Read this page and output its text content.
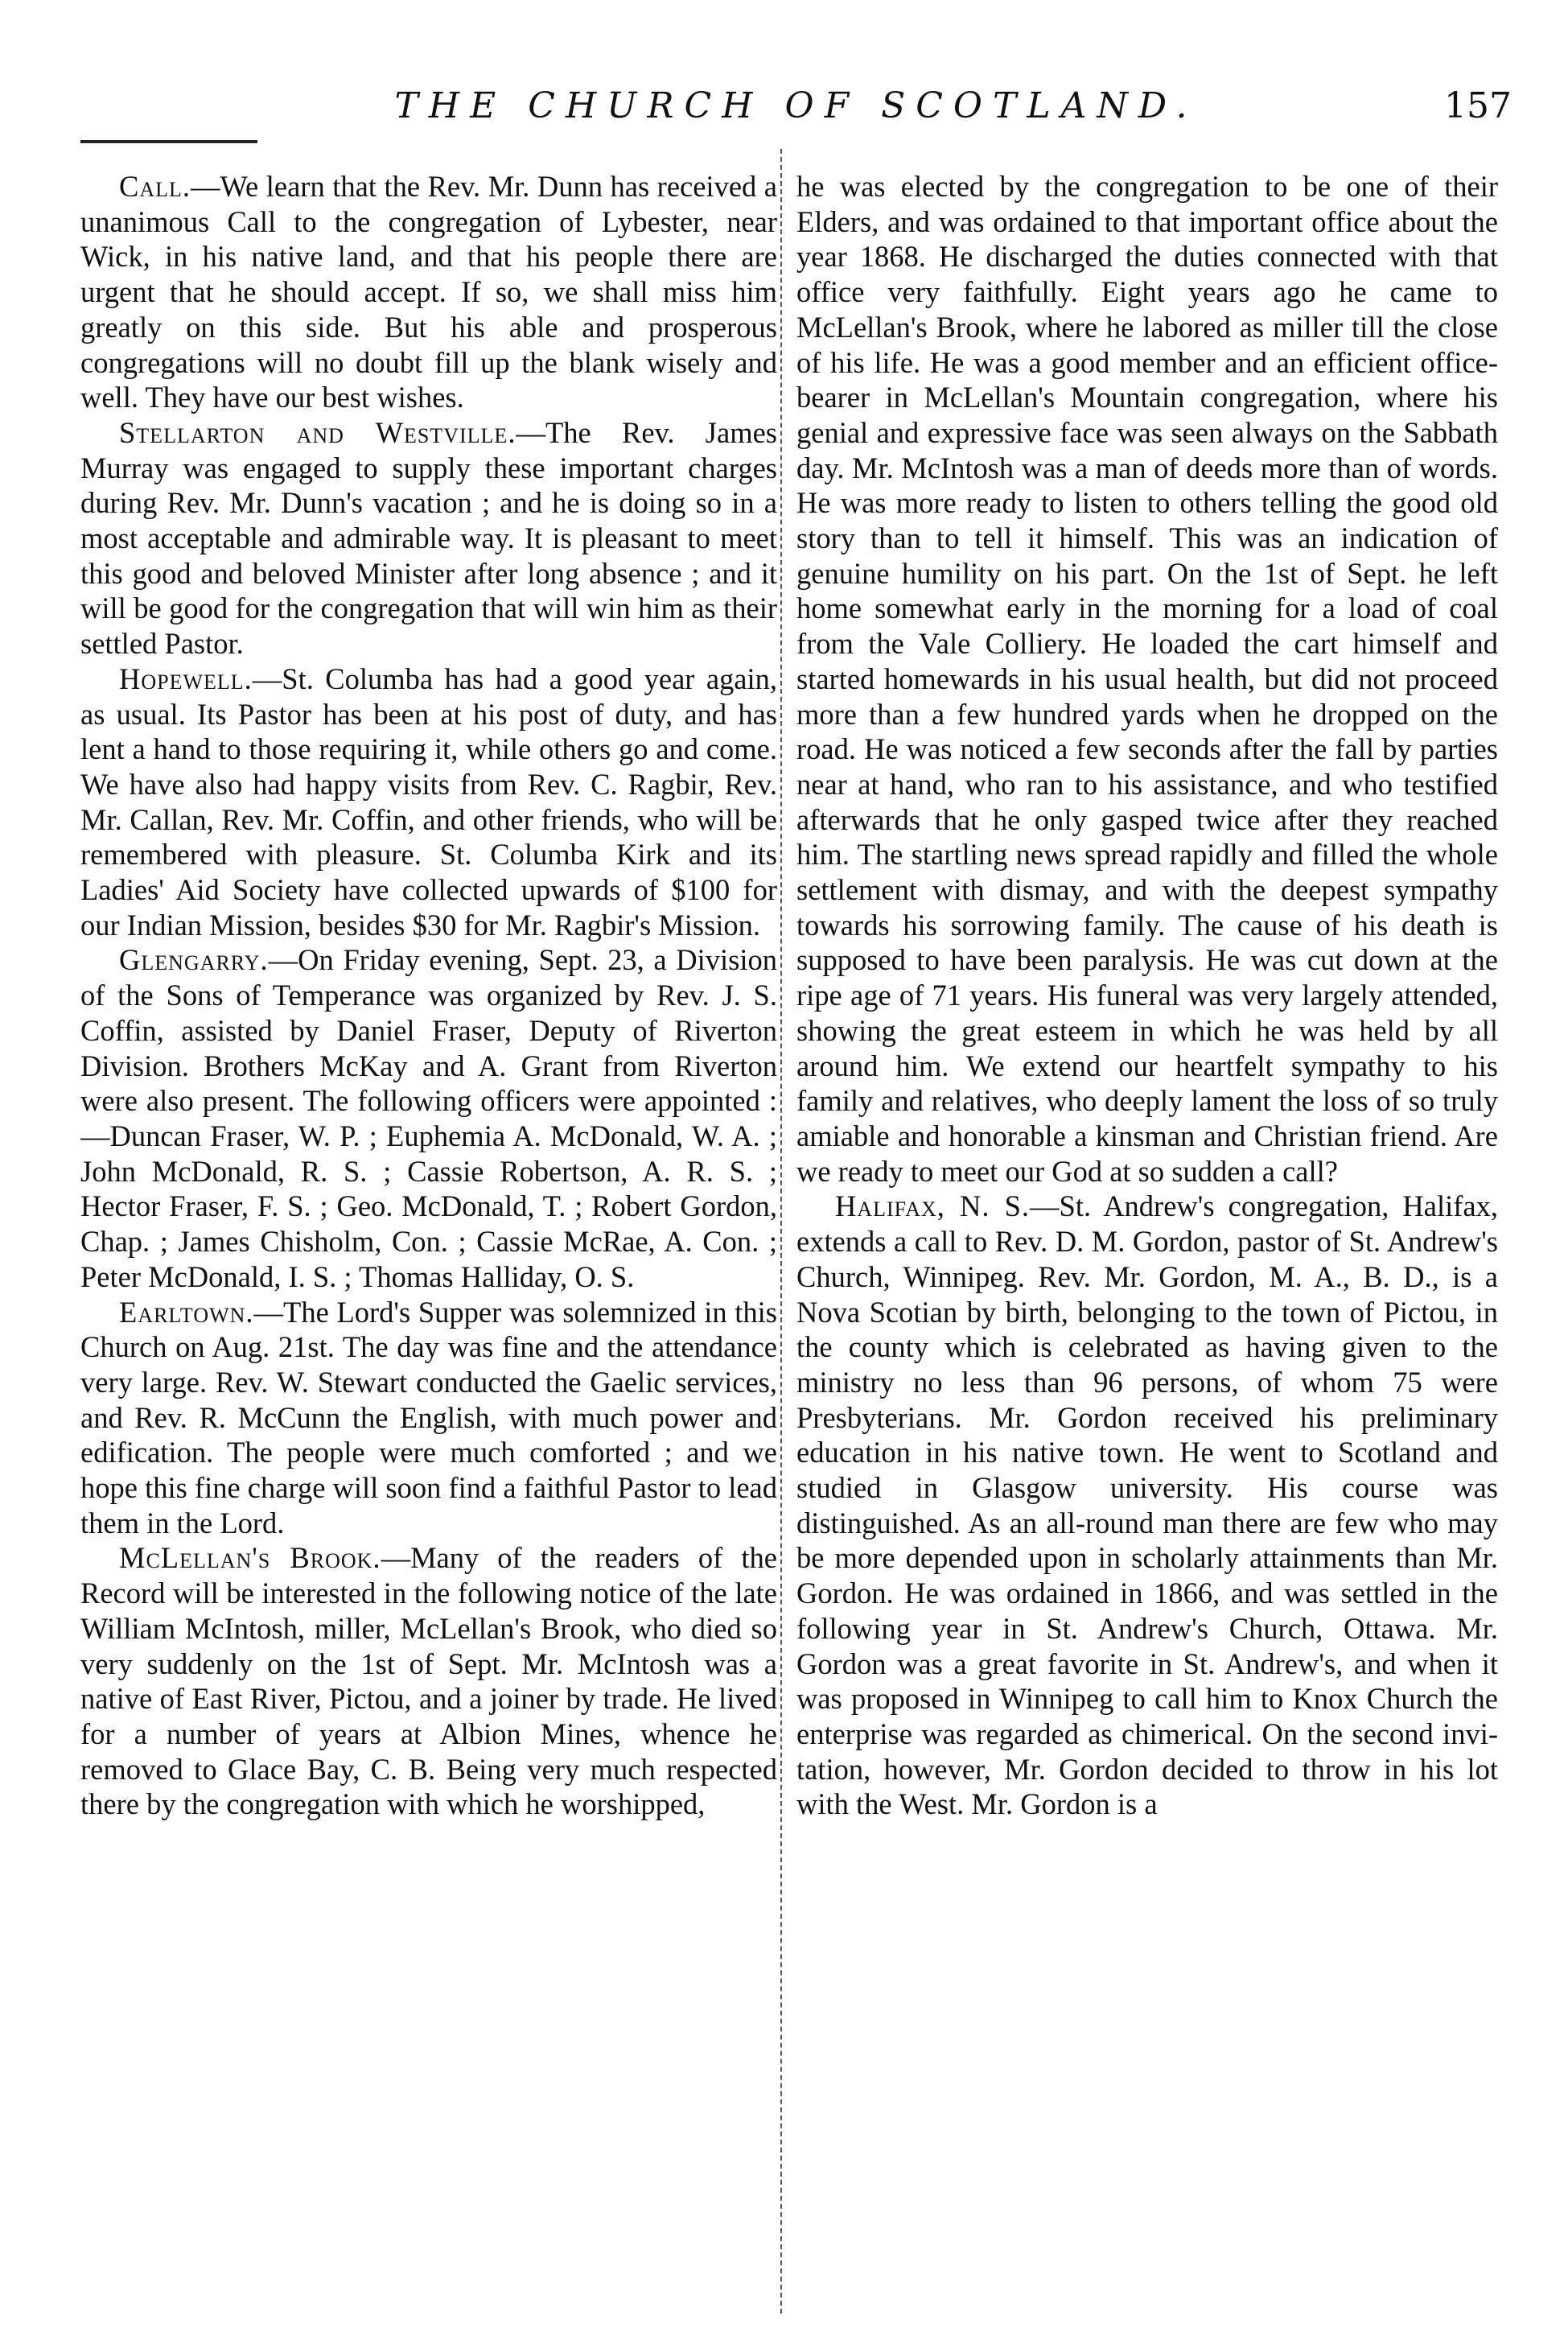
THE CHURCH OF SCOTLAND.	157

Call.—We learn that the Rev. Mr. Dunn has received a unanimous Call to the congregation of Lybester, near Wick, in his native land, and that his people there are urgent that he should accept. If so, we shall miss him greatly on this side. But his able and prosperous congregations will no doubt fill up the blank wisely and well. They have our best wishes.

Stellarton and Westville.—The Rev. James Murray was engaged to supply these important charges during Rev. Mr. Dunn's vacation ; and he is doing so in a most acceptable and admirable way. It is pleasant to meet this good and beloved Minister after long absence ; and it will be good for the congregation that will win him as their settled Pastor.

Hopewell.—St. Columba has had a good year again, as usual. Its Pastor has been at his post of duty, and has lent a hand to those requiring it, while others go and come. We have also had happy visits from Rev. C. Ragbir, Rev. Mr. Callan, Rev. Mr. Coffin, and other friends, who will be remembered with pleasure. St. Columba Kirk and its Ladies' Aid Society have collected upwards of $100 for our Indian Mission, besides $30 for Mr. Ragbir's Mission.

Glengarry.—On Friday evening, Sept. 23, a Division of the Sons of Temperance was organized by Rev. J. S. Coffin, assisted by Daniel Fraser, Deputy of Riverton Division. Brothers McKay and A. Grant from Riverton were also present. The following officers were appointed :—Duncan Fraser, W. P. ; Euphemia A. McDonald, W. A. ; John McDonald, R. S. ; Cassie Robertson, A. R. S. ; Hector Fraser, F. S. ; Geo. McDonald, T. ; Robert Gordon, Chap. ; James Chisholm, Con. ; Cassie McRae, A. Con. ; Peter McDonald, I. S. ; Thomas Halliday, O. S.

Earltown.—The Lord's Supper was solemnized in this Church on Aug. 21st. The day was fine and the attendance very large. Rev. W. Stewart conducted the Gaelic services, and Rev. R. McCunn the English, with much power and edification. The people were much comforted ; and we hope this fine charge will soon find a faithful Pastor to lead them in the Lord.

McLellan's Brook.—Many of the readers of the Record will be interested in the following notice of the late William McIntosh, miller, McLellan's Brook, who died so very suddenly on the 1st of Sept. Mr. McIntosh was a native of East River, Pictou, and a joiner by trade. He lived for a number of years at Albion Mines, whence he removed to Glace Bay, C. B. Being very much respected there by the congregation with which he worshipped,

he was elected by the congregation to be one of their Elders, and was ordained to that important office about the year 1868. He discharged the duties connected with that office very faithfully. Eight years ago he came to McLellan's Brook, where he labored as miller till the close of his life. He was a good member and an efficient office-bearer in McLellan's Mountain congregation, where his genial and expressive face was seen always on the Sabbath day. Mr. McIntosh was a man of deeds more than of words. He was more ready to listen to others telling the good old story than to tell it himself. This was an indication of genuine humility on his part. On the 1st of Sept. he left home somewhat early in the morning for a load of coal from the Vale Colliery. He loaded the cart himself and started homewards in his usual health, but did not proceed more than a few hundred yards when he dropped on the road. He was noticed a few seconds after the fall by parties near at hand, who ran to his assistance, and who testified afterwards that he only gasped twice after they reached him. The startling news spread rapidly and filled the whole settlement with dismay, and with the deepest sympathy towards his sorrowing family. The cause of his death is supposed to have been paralysis. He was cut down at the ripe age of 71 years. His funeral was very largely attended, showing the great esteem in which he was held by all around him. We extend our heartfelt sympathy to his family and relatives, who deeply lament the loss of so truly amiable and honorable a kinsman and Christian friend. Are we ready to meet our God at so sudden a call?

Halifax, N. S.—St. Andrew's congregation, Halifax, extends a call to Rev. D. M. Gordon, pastor of St. Andrew's Church, Winnipeg. Rev. Mr. Gordon, M. A., B. D., is a Nova Scotian by birth, belonging to the town of Pictou, in the county which is celebrated as having given to the ministry no less than 96 persons, of whom 75 were Presbyterians. Mr. Gordon received his preliminary education in his native town. He went to Scotland and studied in Glasgow university. His course was distinguished. As an all-round man there are few who may be more depended upon in scholarly attainments than Mr. Gordon. He was ordained in 1866, and was settled in the following year in St. Andrew's Church, Ottawa. Mr. Gordon was a great favorite in St. Andrew's, and when it was proposed in Winnipeg to call him to Knox Church the enterprise was regarded as chimerical. On the second invitation, however, Mr. Gordon decided to throw in his lot with the West. Mr. Gordon is a
